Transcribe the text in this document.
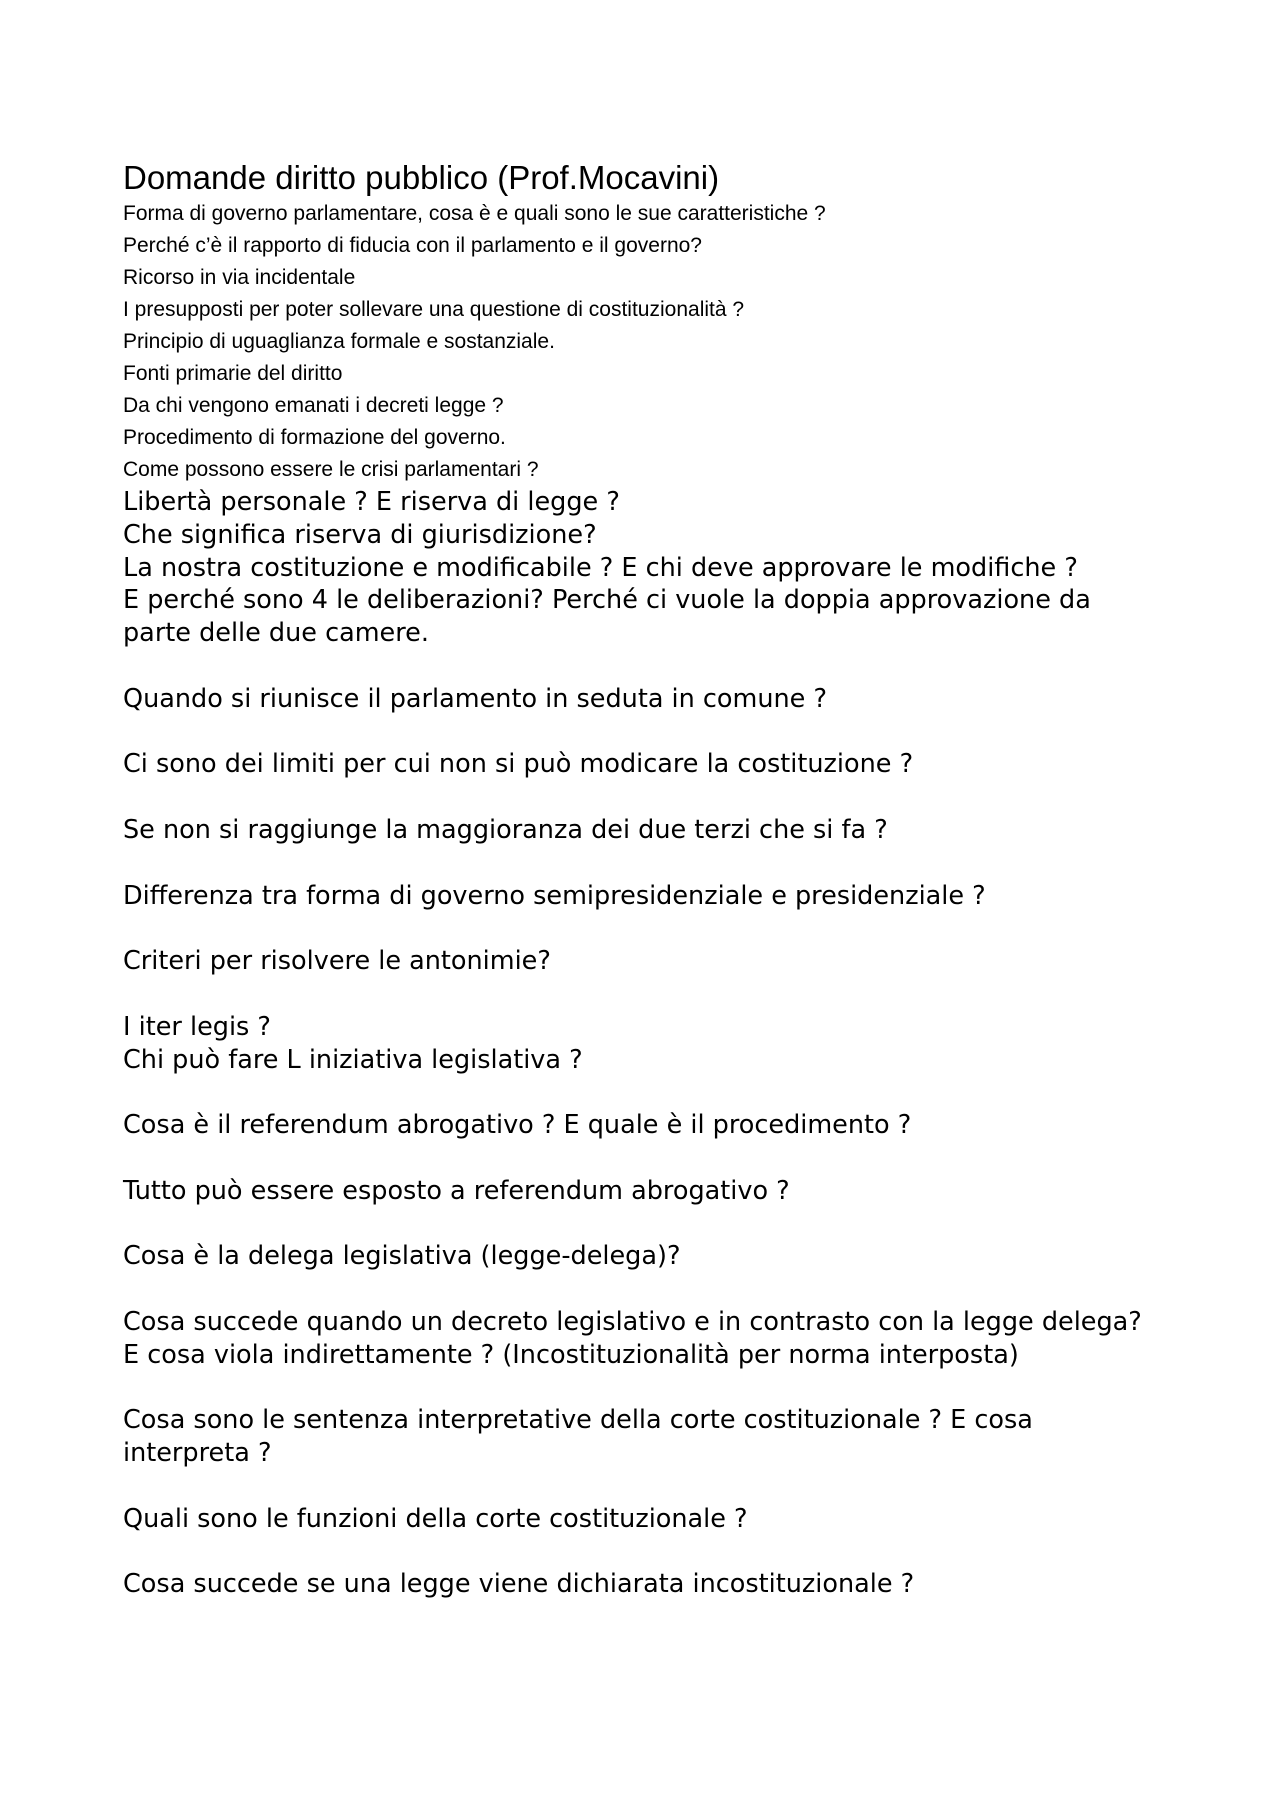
Domande diritto pubblico (Prof.Mocavini)
Forma di governo parlamentare, cosa è e quali sono le sue caratteristiche ?
Perché c’è il rapporto di fiducia con il parlamento e il governo?
Ricorso in via incidentale
I presupposti per poter sollevare una questione di costituzionalità ?
Principio di uguaglianza formale e sostanziale.
Fonti primarie del diritto
Da chi vengono emanati i decreti legge ?
Procedimento di formazione del governo.
Come possono essere le crisi parlamentari ?
Libertà personale ? E riserva di legge ?
Che significa riserva di giurisdizione?
La nostra costituzione e modificabile ? E chi deve approvare le modifiche ?
E perché sono 4 le deliberazioni? Perché ci vuole la doppia approvazione da parte delle due camere.
Quando si riunisce il parlamento in seduta in comune ?
Ci sono dei limiti per cui non si può modicare la costituzione ?
Se non si raggiunge la maggioranza dei due terzi che si fa ?
Differenza tra forma di governo semipresidenziale e presidenziale ?
Criteri per risolvere le antonimie?
I iter legis ?
Chi può fare L iniziativa legislativa ?
Cosa è il referendum abrogativo ? E quale è il procedimento ?
Tutto può essere esposto a referendum abrogativo ?
Cosa è la delega legislativa (legge-delega)?
Cosa succede quando un decreto legislativo e in contrasto con la legge delega? E cosa viola indirettamente ? (Incostituzionalità per norma interposta)
Cosa sono le sentenza interpretative della corte costituzionale ? E cosa interpreta ?
Quali sono le funzioni della corte costituzionale ?
Cosa succede se una legge viene dichiarata incostituzionale ?
